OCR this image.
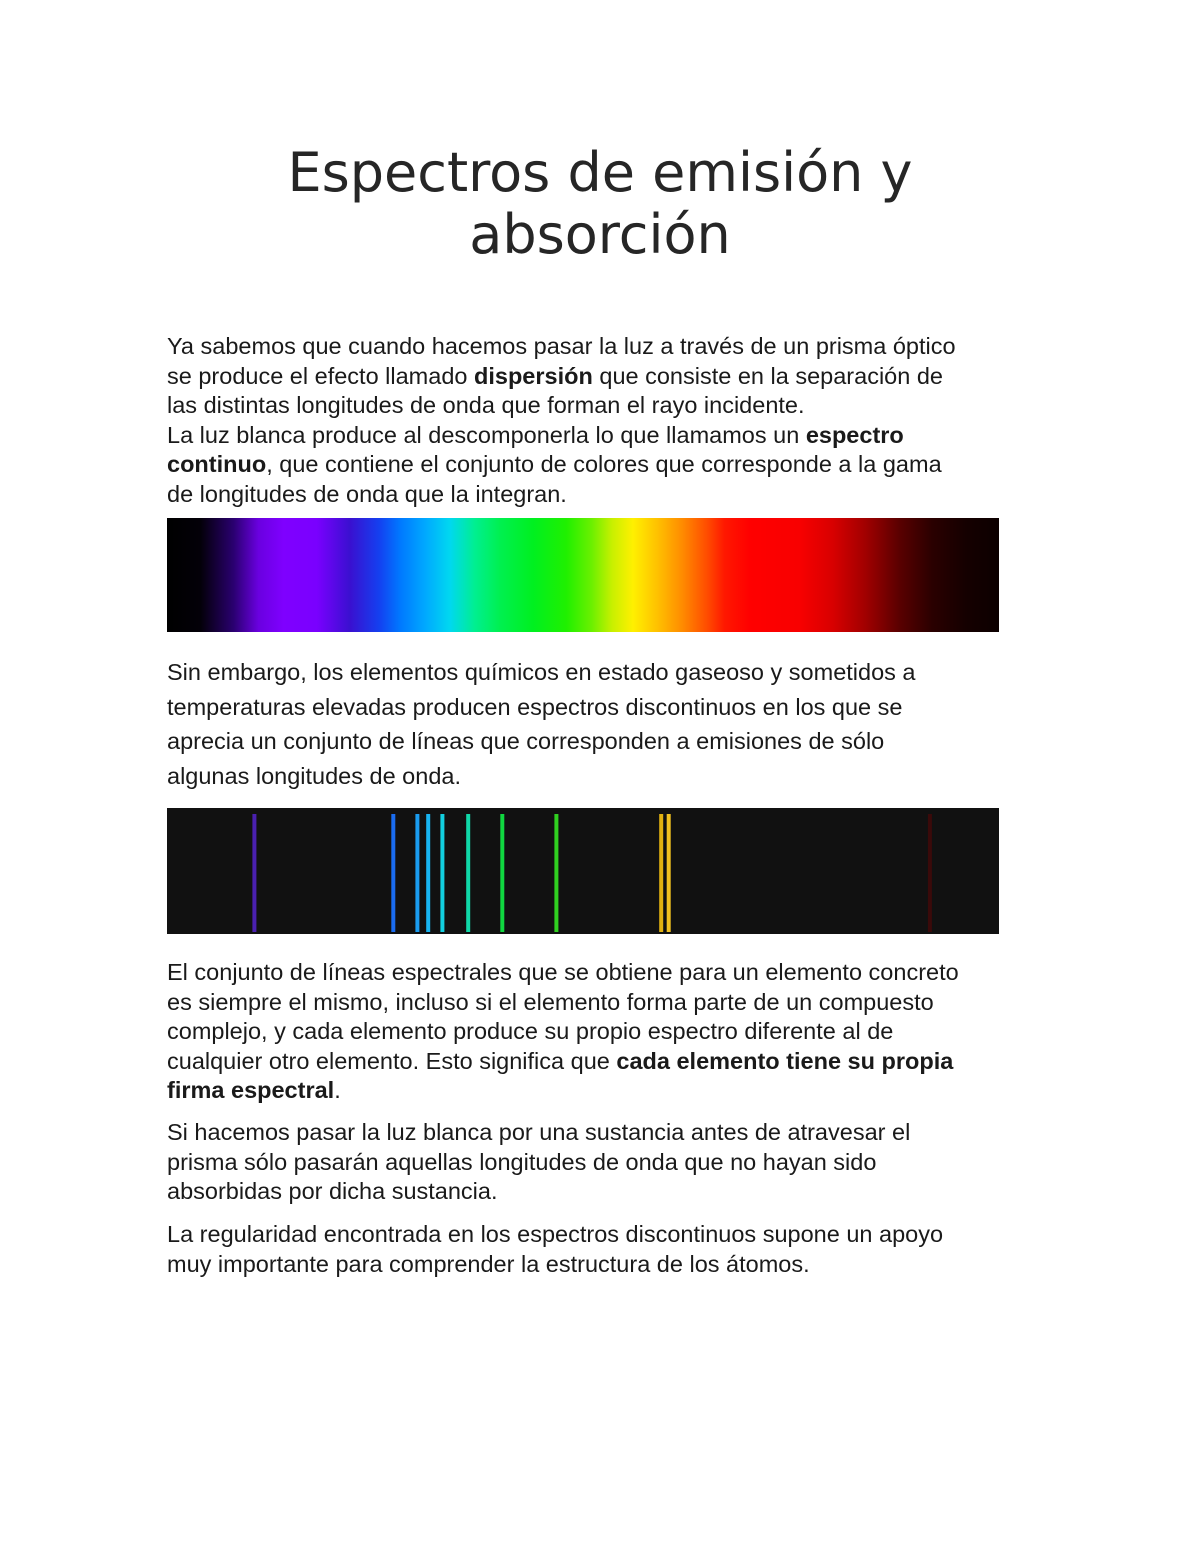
Espectros de emisión y
absorción

Ya sabemos que cuando hacemos pasar la luz a través de un prisma óptico
se produce el efecto llamado dispersión que consiste en la separación de
las distintas longitudes de onda que forman el rayo incidente.
La luz blanca produce al descomponerla lo que llamamos un espectro
continuo, que contiene el conjunto de colores que corresponde a la gama
de longitudes de onda que la integran.

Sin embargo, los elementos químicos en estado gaseoso y sometidos a
temperaturas elevadas producen espectros discontinuos en los que se
aprecia un conjunto de líneas que corresponden a emisiones de sólo
algunas longitudes de onda.

El conjunto de líneas espectrales que se obtiene para un elemento concreto
es siempre el mismo, incluso si el elemento forma parte de un compuesto
complejo, y cada elemento produce su propio espectro diferente al de
cualquier otro elemento. Esto significa que cada elemento tiene su propia
firma espectral.

Si hacemos pasar la luz blanca por una sustancia antes de atravesar el
prisma sólo pasarán aquellas longitudes de onda que no hayan sido
absorbidas por dicha sustancia.

La regularidad encontrada en los espectros discontinuos supone un apoyo
muy importante para comprender la estructura de los átomos.
